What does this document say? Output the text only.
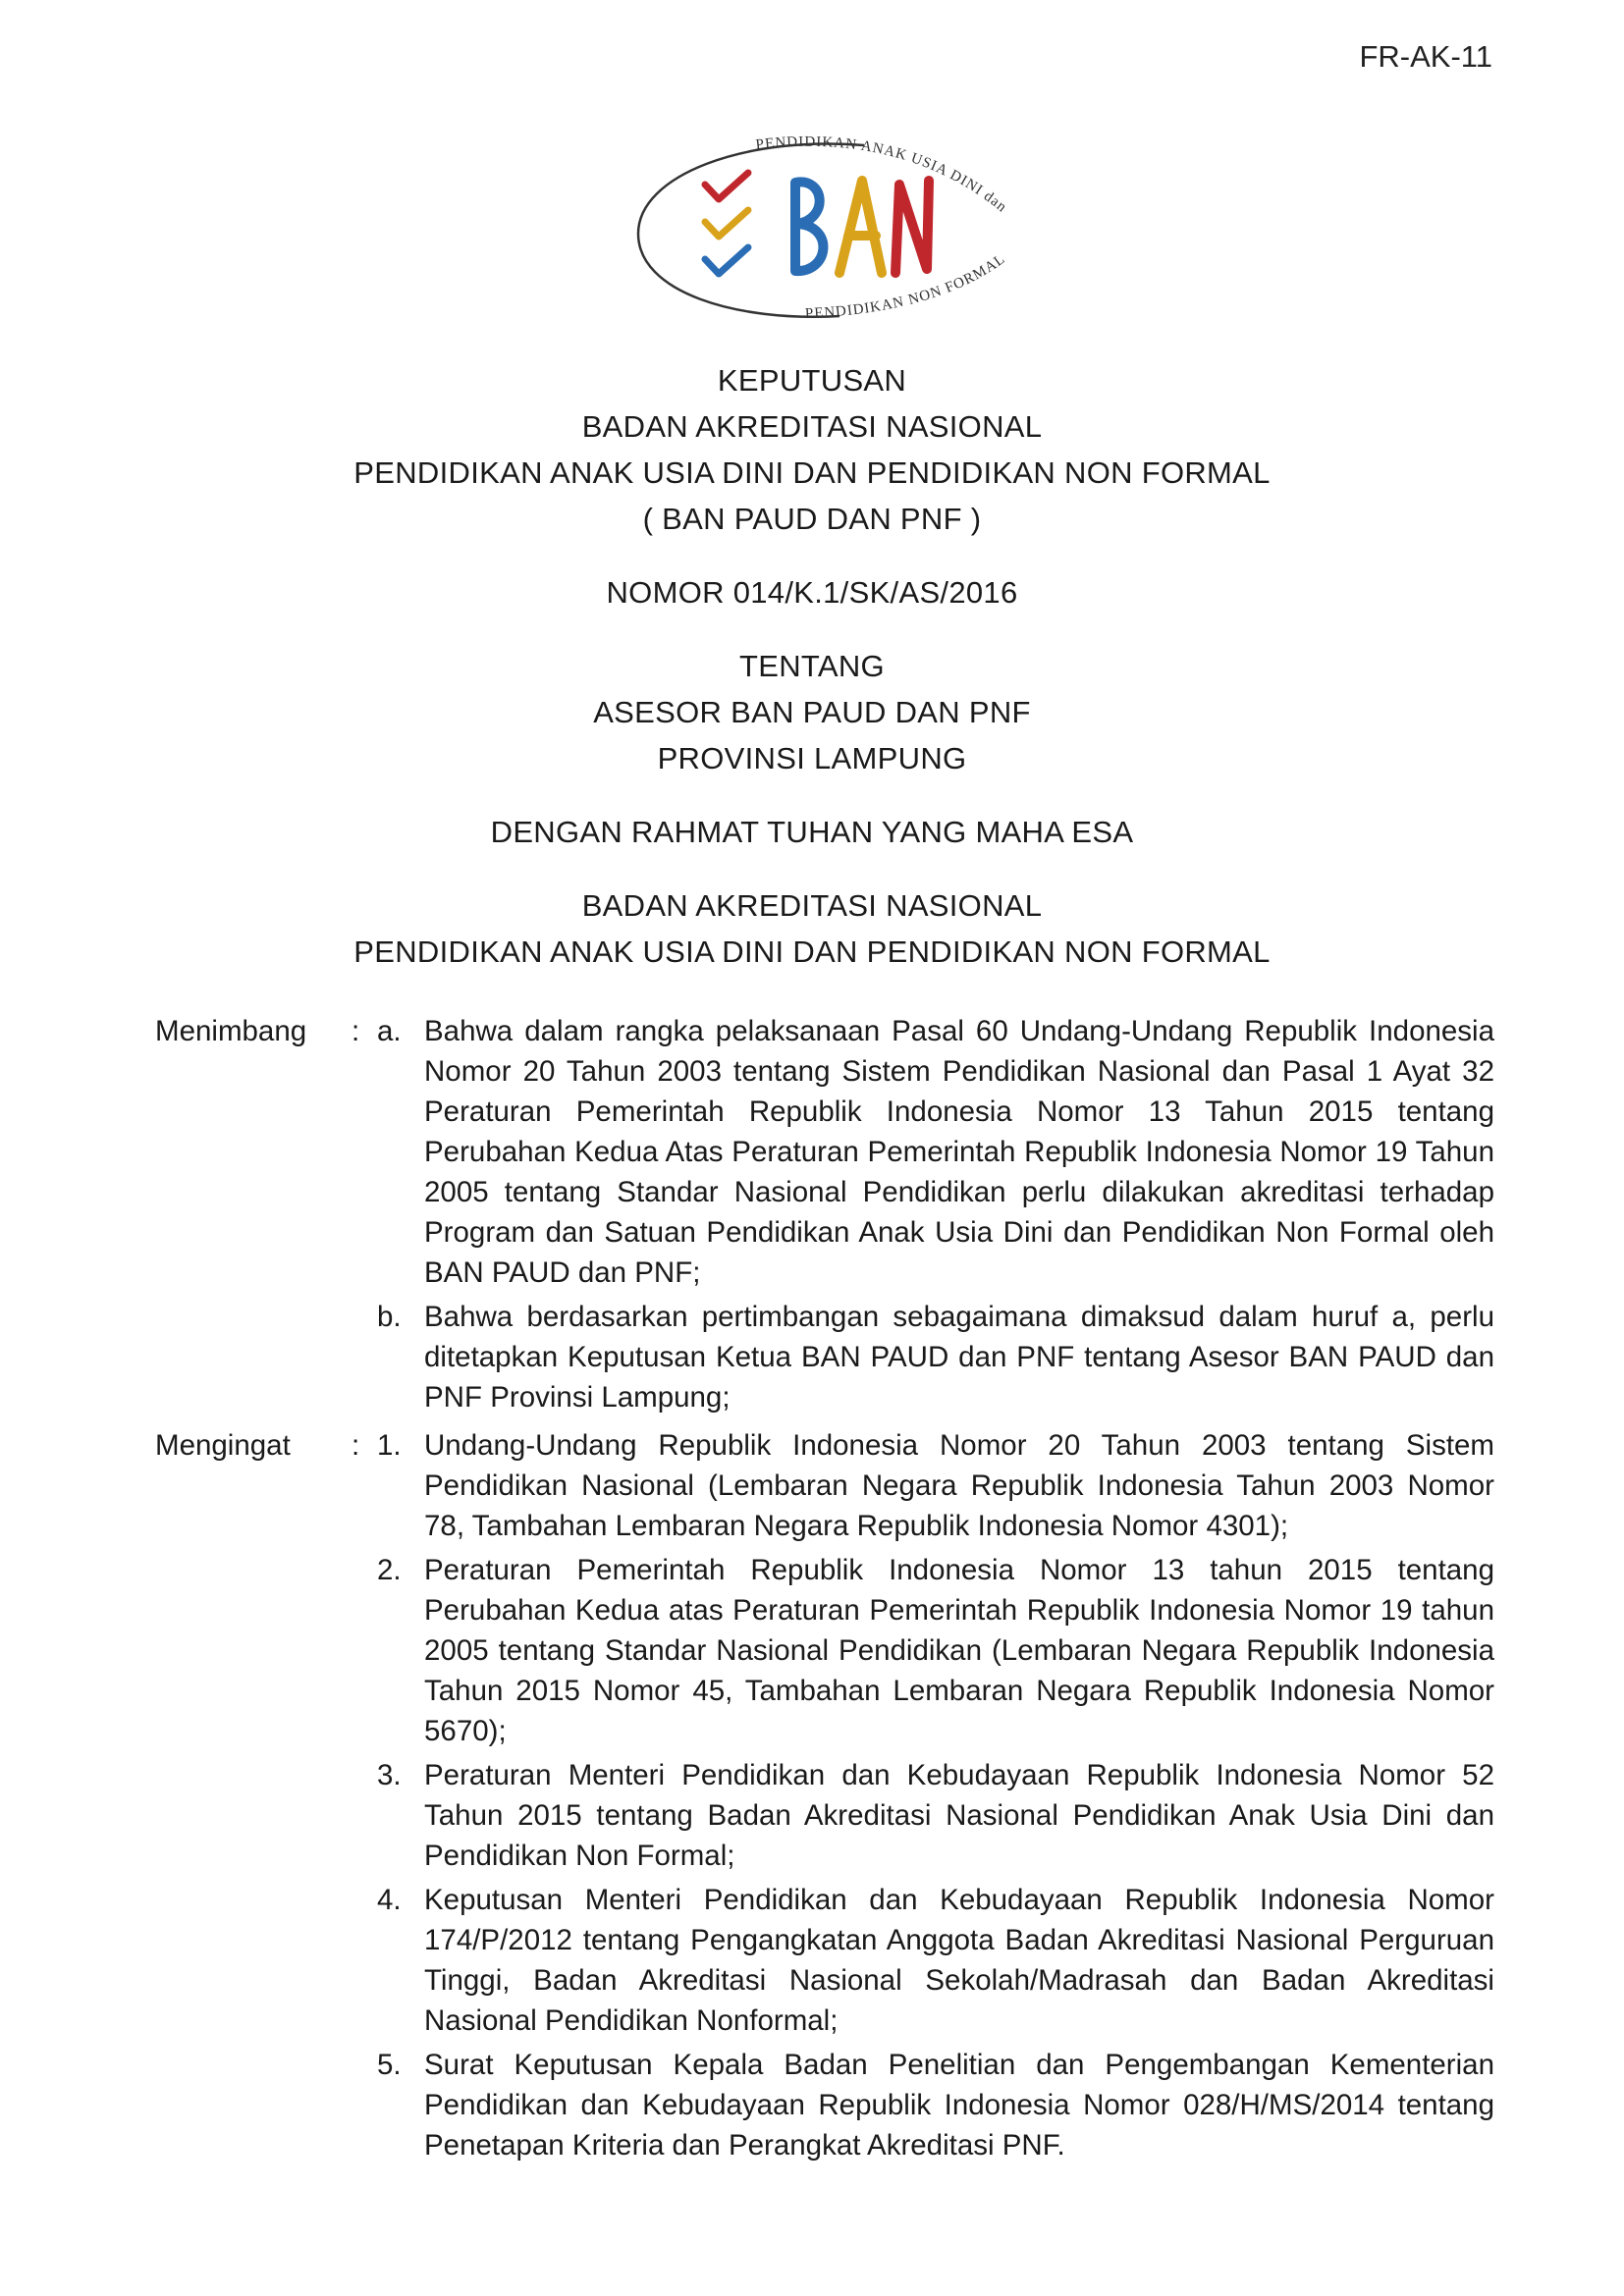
FR-AK-11
PENDIDIKAN ANAK USIA DINI dan
PENDIDIKAN NON FORMAL
KEPUTUSAN
BADAN AKREDITASI NASIONAL
PENDIDIKAN ANAK USIA DINI DAN PENDIDIKAN NON FORMAL
( BAN PAUD DAN PNF )
NOMOR 014/K.1/SK/AS/2016
TENTANG
ASESOR BAN PAUD DAN PNF
PROVINSI LAMPUNG
DENGAN RAHMAT TUHAN YANG MAHA ESA
BADAN AKREDITASI NASIONAL
PENDIDIKAN ANAK USIA DINI DAN PENDIDIKAN NON FORMAL
Menimbang	: a. Bahwa dalam rangka pelaksanaan Pasal 60 Undang-Undang Republik Indonesia Nomor 20 Tahun 2003 tentang Sistem Pendidikan Nasional dan Pasal 1 Ayat 32 Peraturan Pemerintah Republik Indonesia Nomor 13 Tahun 2015 tentang Perubahan Kedua Atas Peraturan Pemerintah Republik Indonesia Nomor 19 Tahun 2005 tentang Standar Nasional Pendidikan perlu dilakukan akreditasi terhadap Program dan Satuan Pendidikan Anak Usia Dini dan Pendidikan Non Formal oleh BAN PAUD dan PNF;
b. Bahwa berdasarkan pertimbangan sebagaimana dimaksud dalam huruf a, perlu ditetapkan Keputusan Ketua BAN PAUD dan PNF tentang Asesor BAN PAUD dan PNF Provinsi Lampung;
Mengingat	: 1. Undang-Undang Republik Indonesia Nomor 20 Tahun 2003 tentang Sistem Pendidikan Nasional (Lembaran Negara Republik Indonesia Tahun 2003 Nomor 78, Tambahan Lembaran Negara Republik Indonesia Nomor 4301);
2. Peraturan Pemerintah Republik Indonesia Nomor 13 tahun 2015 tentang Perubahan Kedua atas Peraturan Pemerintah Republik Indonesia Nomor 19 tahun 2005 tentang Standar Nasional Pendidikan (Lembaran Negara Republik Indonesia Tahun 2015 Nomor 45, Tambahan Lembaran Negara Republik Indonesia Nomor 5670);
3. Peraturan Menteri Pendidikan dan Kebudayaan Republik Indonesia Nomor 52 Tahun 2015 tentang Badan Akreditasi Nasional Pendidikan Anak Usia Dini dan Pendidikan Non Formal;
4. Keputusan Menteri Pendidikan dan Kebudayaan Republik Indonesia Nomor 174/P/2012 tentang Pengangkatan Anggota Badan Akreditasi Nasional Perguruan Tinggi, Badan Akreditasi Nasional Sekolah/Madrasah dan Badan Akreditasi Nasional Pendidikan Nonformal;
5. Surat Keputusan Kepala Badan Penelitian dan Pengembangan Kementerian Pendidikan dan Kebudayaan Republik Indonesia Nomor 028/H/MS/2014 tentang Penetapan Kriteria dan Perangkat Akreditasi PNF.
